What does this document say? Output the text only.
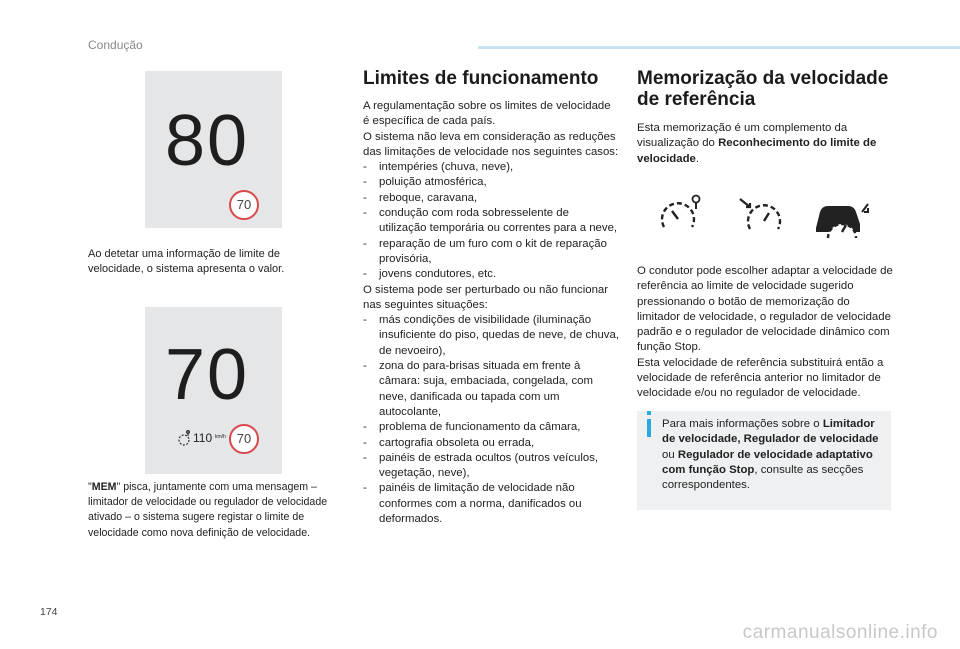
Condução
80
70
Ao detetar uma informação de limite de velocidade, o sistema apresenta o valor.
70
110 km/h 70
"MEM" pisca, juntamente com uma mensagem – limitador de velocidade ou regulador de velocidade ativado – o sistema sugere registar o limite de velocidade como nova definição de velocidade.
Limites de funcionamento
A regulamentação sobre os limites de velocidade é específica de cada país.
O sistema não leva em consideração as reduções das limitações de velocidade nos seguintes casos:
- intempéries (chuva, neve),
- poluição atmosférica,
- reboque, caravana,
- condução com roda sobresselente de utilização temporária ou correntes para a neve,
- reparação de um furo com o kit de reparação provisória,
- jovens condutores, etc.
O sistema pode ser perturbado ou não funcionar nas seguintes situações:
- más condições de visibilidade (iluminação insuficiente do piso, quedas de neve, de chuva, de nevoeiro),
- zona do para-brisas situada em frente à câmara: suja, embaciada, congelada, com neve, danificada ou tapada com um autocolante,
- problema de funcionamento da câmara,
- cartografia obsoleta ou errada,
- painéis de estrada ocultos (outros veículos, vegetação, neve),
- painéis de limitação de velocidade não conformes com a norma, danificados ou deformados.
Memorização da velocidade
de referência
Esta memorização é um complemento da visualização do Reconhecimento do limite de velocidade.
O condutor pode escolher adaptar a velocidade de referência ao limite de velocidade sugerido pressionando o botão de memorização do limitador de velocidade, o regulador de velocidade padrão e o regulador de velocidade dinâmico com função Stop.
Esta velocidade de referência substituirá então a velocidade de referência anterior no limitador de velocidade e/ou no regulador de velocidade.
Para mais informações sobre o Limitador de velocidade, Regulador de velocidade ou Regulador de velocidade adaptativo com função Stop, consulte as secções correspondentes.
174
carmanualsonline.info
